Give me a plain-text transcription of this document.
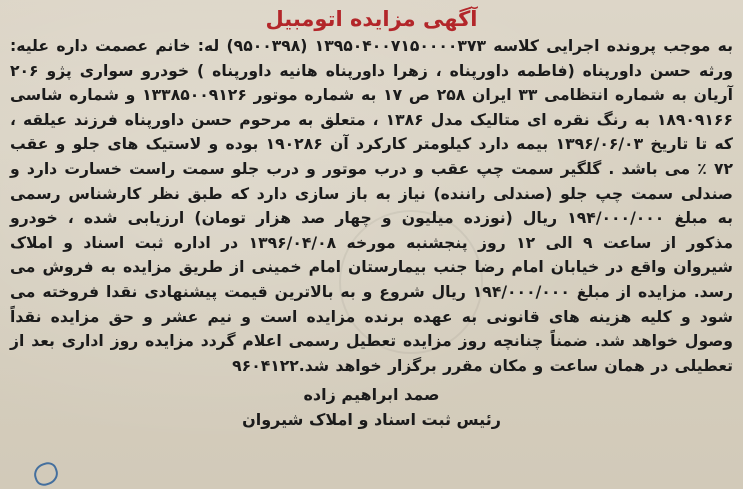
آگهی مزایده اتومبیل

به موجب پرونده اجرایی کلاسه ۱۳۹۵۰۴۰۰۷۱۵۰۰۰۰۳۷۳ (۹۵۰۰۳۹۸) له: خانم عصمت داره علیه: ورثه حسن داورپناه (فاطمه داورپناه ، زهرا داورپناه هانیه داورپناه ) خودرو سواری پژو ۲۰۶ آریان به شماره انتظامی ۳۳ ایران ۲۵۸ ص ۱۷ به شماره موتور ۱۳۳۸۵۰۰۹۱۲۶ و شماره شاسی ۱۸۹۰۹۱۶۶ به رنگ نقره ای متالیک مدل ۱۳۸۶ ، متعلق به مرحوم حسن داورپناه فرزند عیلقه ، که تا تاریخ ۱۳۹۶/۰۶/۰۳ بیمه دارد کیلومتر کارکرد آن ۱۹۰۲۸۶ بوده و لاستیک های جلو و عقب ۷۲ ٪ می باشد . گلگیر سمت چپ عقب و درب موتور و درب جلو سمت راست خسارت دارد و صندلی سمت چپ جلو (صندلی راننده) نیاز به باز سازی دارد که طبق نظر کارشناس رسمی به مبلغ ۱۹۴/۰۰۰/۰۰۰ ریال (نوزده میلیون و چهار صد هزار تومان) ارزیابی شده ، خودرو مذکور از ساعت ۹ الی ۱۲ روز پنجشنبه مورخه ۱۳۹۶/۰۴/۰۸ در اداره ثبت اسناد و املاک شیروان واقع در خیابان امام رضا جنب بیمارستان امام خمینی از طریق مزایده به فروش می رسد. مزایده از مبلغ ۱۹۴/۰۰۰/۰۰۰ ریال شروع و به بالاترین قیمت پیشنهادی نقدا فروخته می شود و کلیه هزینه های قانونی به عهده برنده مزایده است و نیم عشر و حق مزایده نقداً وصول خواهد شد. ضمناً چنانچه روز مزایده تعطیل رسمی اعلام گردد مزایده روز اداری بعد از تعطیلی در همان ساعت و مکان مقرر برگزار خواهد شد.۹۶۰۴۱۲۲

صمد ابراهیم زاده
رئیس ثبت اسناد و املاک شیروان
